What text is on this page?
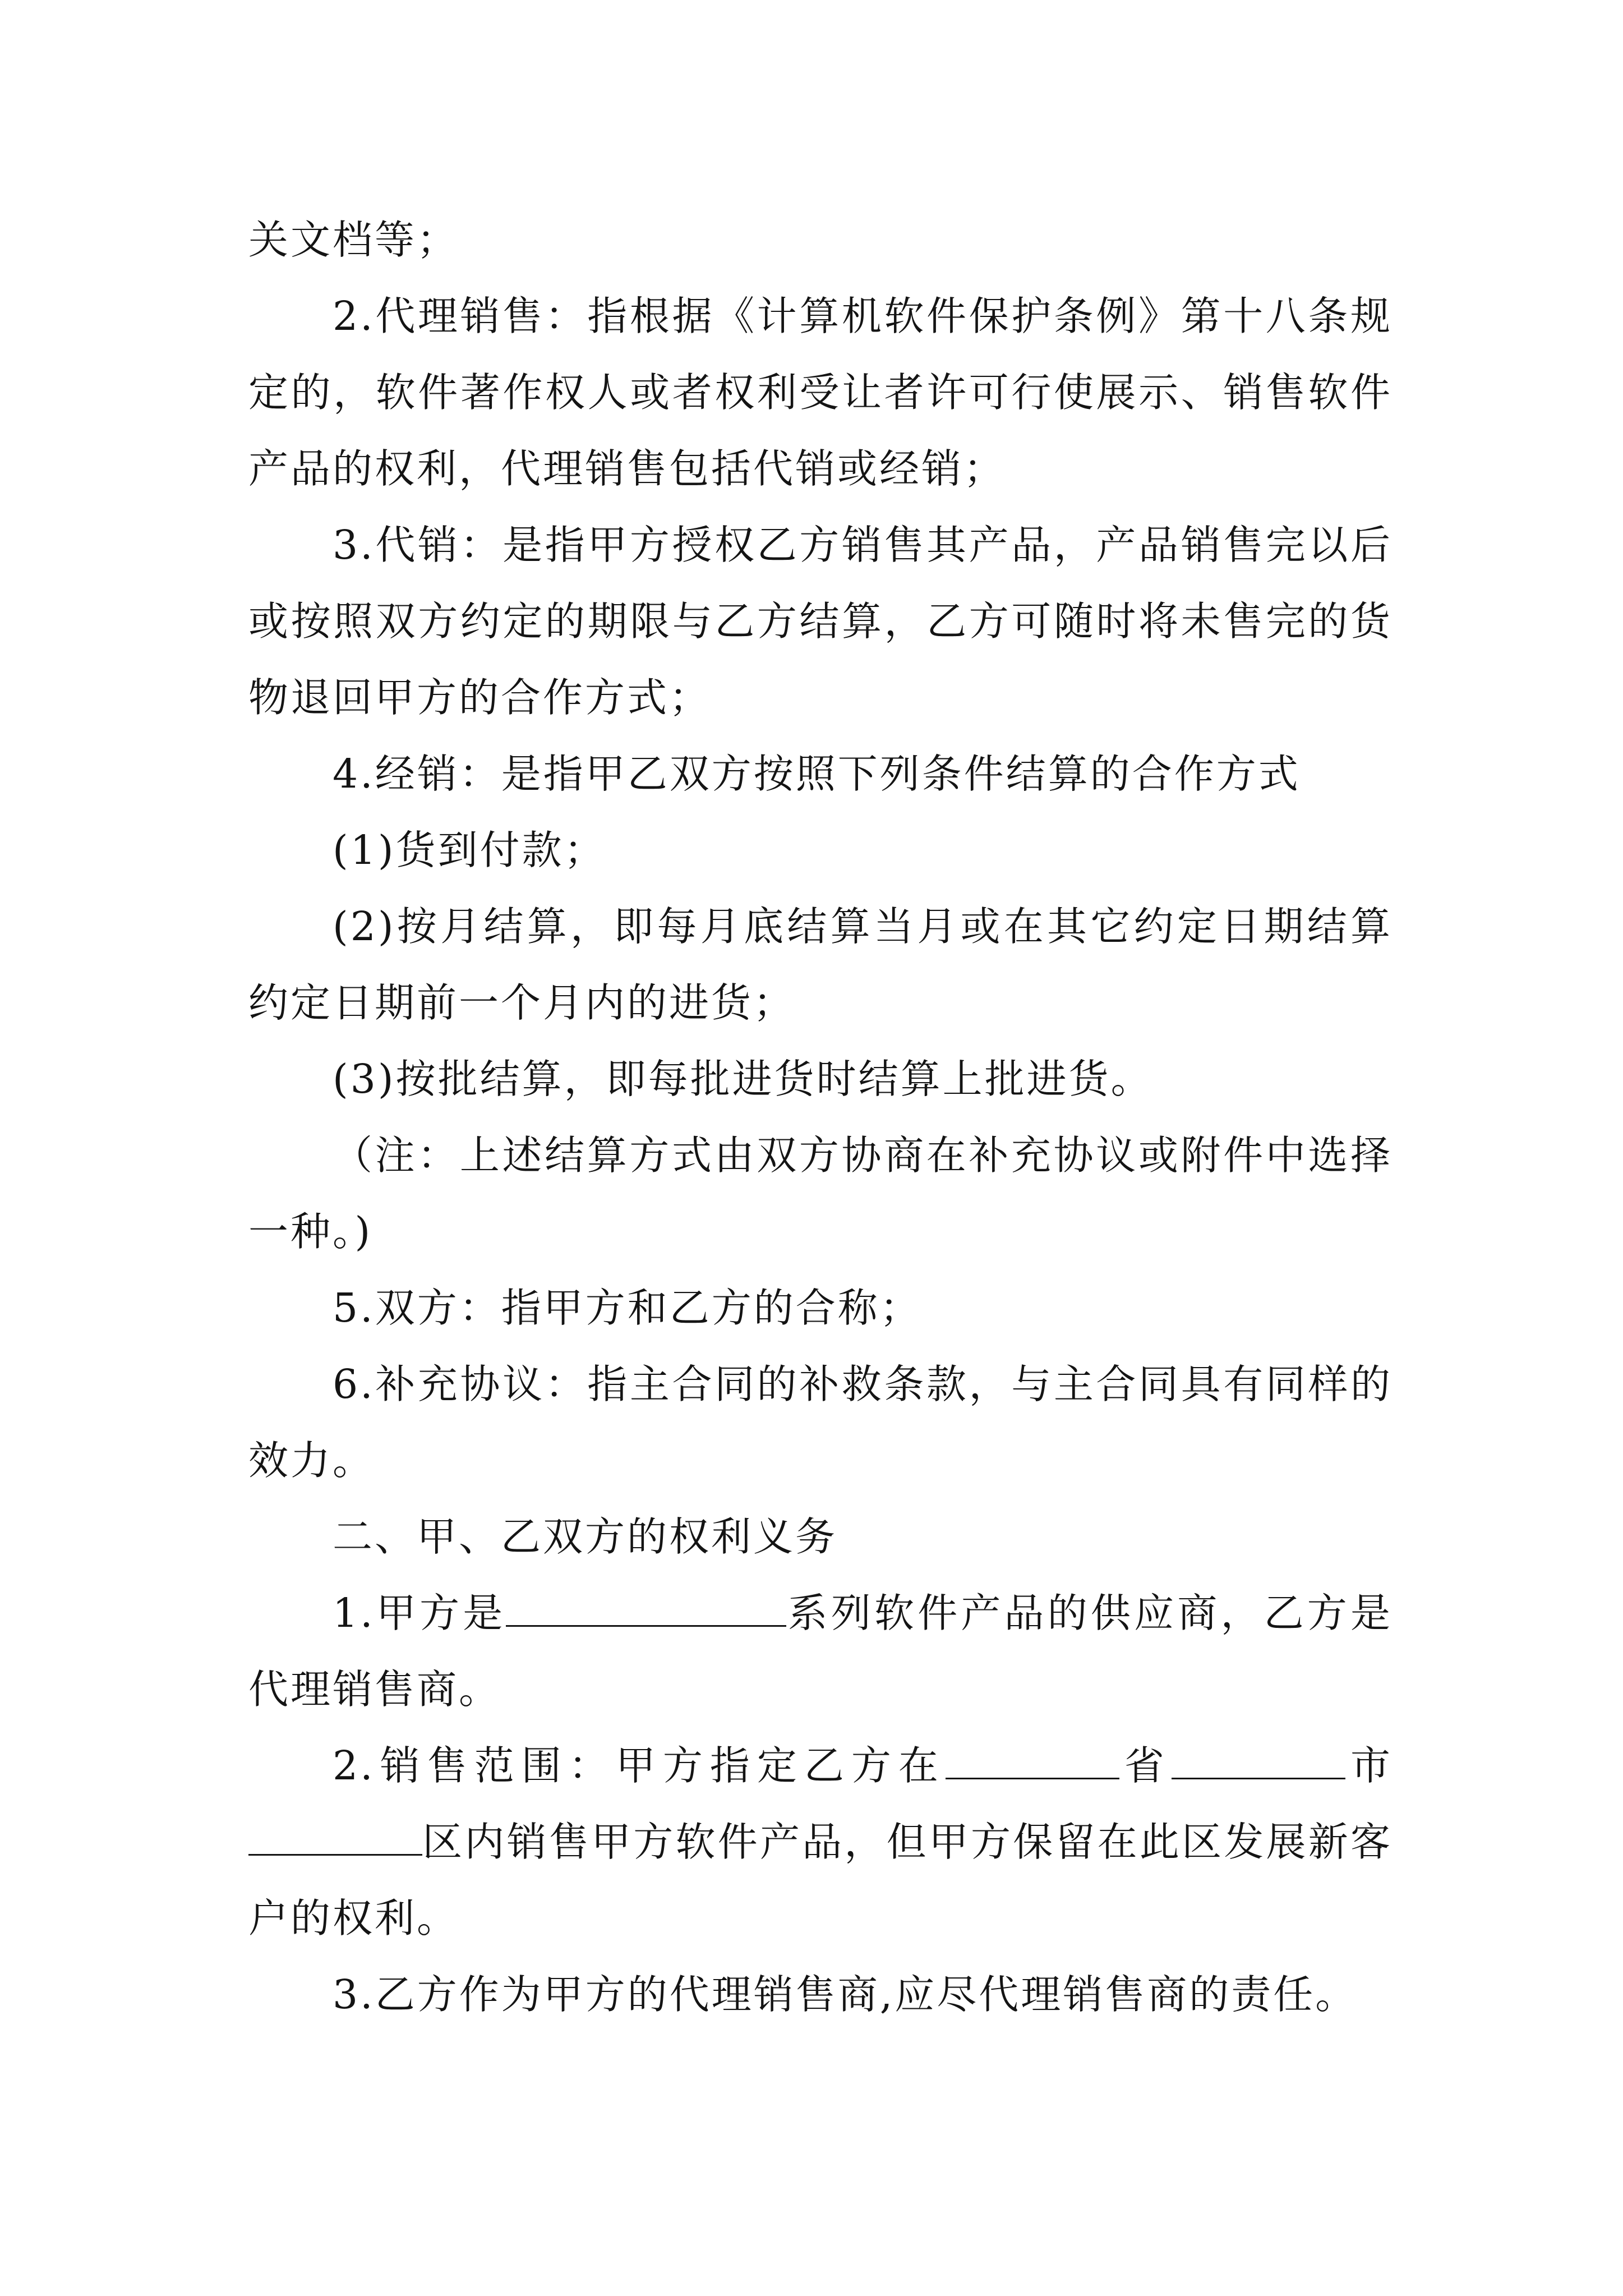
关文档等；

2.代理销售：指根据《计算机软件保护条例》第十八条规定的，软件著作权人或者权利受让者许可行使展示、销售软件产品的权利，代理销售包括代销或经销；

3.代销：是指甲方授权乙方销售其产品，产品销售完以后或按照双方约定的期限与乙方结算，乙方可随时将未售完的货物退回甲方的合作方式；

4.经销：是指甲乙双方按照下列条件结算的合作方式

(1)货到付款；

(2)按月结算，即每月底结算当月或在其它约定日期结算约定日期前一个月内的进货；

(3)按批结算，即每批进货时结算上批进货。

（注：上述结算方式由双方协商在补充协议或附件中选择一种。)

5.双方：指甲方和乙方的合称；

6.补充协议：指主合同的补救条款，与主合同具有同样的效力。

二、甲、乙双方的权利义务

1.甲方是	系列软件产品的供应商，乙方是代理销售商。

2.销售范围：甲方指定乙方在	省	市区内销售甲方软件产品，但甲方保留在此区发展新客户的权利。

3.乙方作为甲方的代理销售商,应尽代理销售商的责任。
